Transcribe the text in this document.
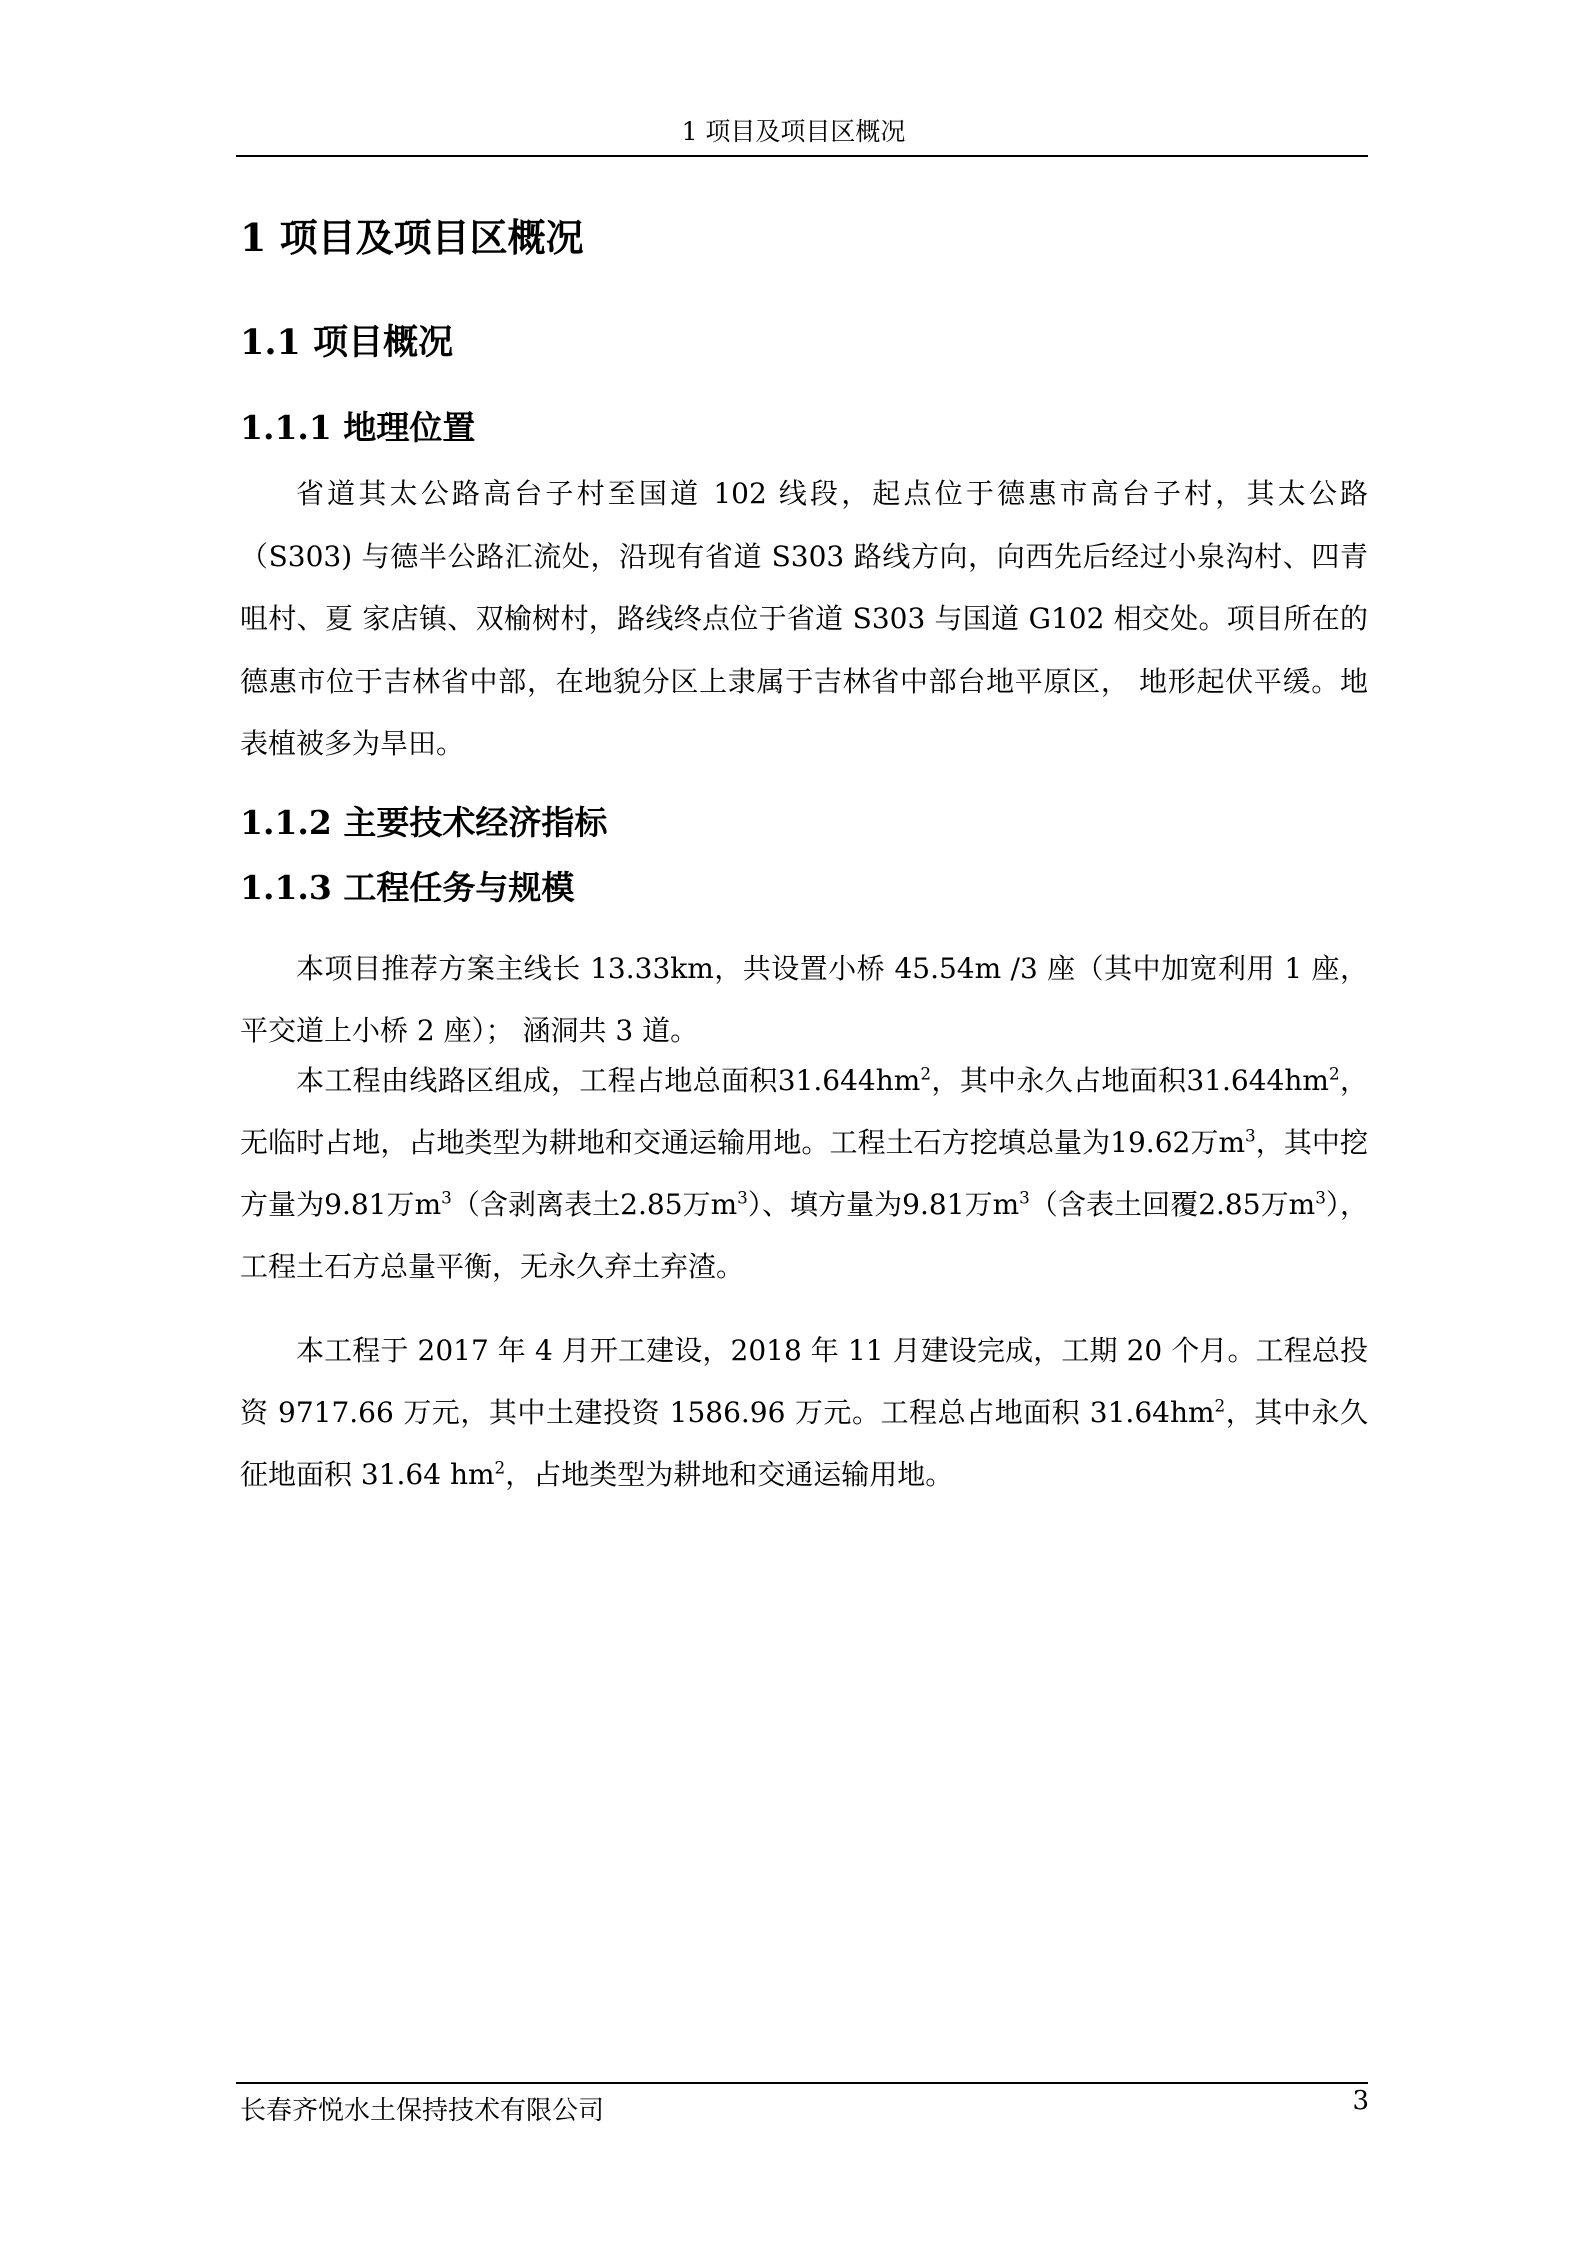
1 项目及项目区概况
1 项目及项目区概况
1.1 项目概况
1.1.1 地理位置

省道其太公路高台子村至国道 102 线段，起点位于德惠市高台子村，其太公路（S303) 与德半公路汇流处，沿现有省道 S303 路线方向，向西先后经过小泉沟村、四青咀村、夏 家店镇、双榆树村，路线终点位于省道 S303 与国道 G102 相交处。项目所在的德惠市位于吉林省中部，在地貌分区上隶属于吉林省中部台地平原区， 地形起伏平缓。地表植被多为旱田。

1.1.2 主要技术经济指标
1.1.3 工程任务与规模

本项目推荐方案主线长 13.33km，共设置小桥 45.54m /3 座（其中加宽利用 1 座， 平交道上小桥 2 座）； 涵洞共 3 道。

本工程由线路区组成，工程占地总面积$31.644hm^2$，其中永久占地面积$31.644hm^2$，无临时占地，占地类型为耕地和交通运输用地。工程土石方挖填总量为19.62万$m^3$，其中挖方量为9.81万$m^3$（含剥离表土2.85万$m^3$）、填方量为9.81万$m^3$（含表土回覆2.85万$m^3$），工程土石方总量平衡，无永久弃土弃渣。

本工程于 2017 年 4 月开工建设，2018 年 11 月建设完成，工期 20 个月。工程总投资 9717.66 万元，其中土建投资 1586.96 万元。工程总占地面积 $31.64hm^2$，其中永久征地面积 31.64 $hm^2$，占地类型为耕地和交通运输用地。

长春齐悦水土保持技术有限公司	3
